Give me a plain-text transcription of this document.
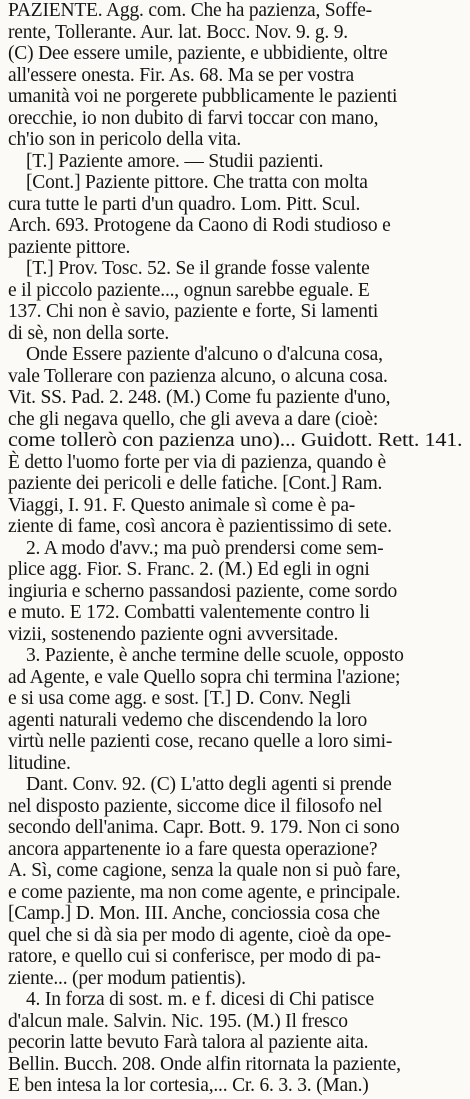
PAZIENTE. Agg. com. Che ha pazienza, Soffe-
rente, Tollerante. Aur. lat. Bocc. Nov. 9. g. 9.
(C) Dee essere umile, paziente, e ubbidiente, oltre
all'essere onesta. Fir. As. 68. Ma se per vostra
umanità voi ne porgerete pubblicamente le pazienti
orecchie, io non dubito di farvi toccar con mano,
ch'io son in pericolo della vita.
[T.] Paziente amore. — Studii pazienti.
[Cont.] Paziente pittore. Che tratta con molta
cura tutte le parti d'un quadro. Lom. Pitt. Scul.
Arch. 693. Protogene da Caono di Rodi studioso e
paziente pittore.
[T.] Prov. Tosc. 52. Se il grande fosse valente
e il piccolo paziente..., ognun sarebbe eguale. E
137. Chi non è savio, paziente e forte, Si lamenti
di sè, non della sorte.
Onde Essere paziente d'alcuno o d'alcuna cosa,
vale Tollerare con pazienza alcuno, o alcuna cosa.
Vit. SS. Pad. 2. 248. (M.) Come fu paziente d'uno,
che gli negava quello, che gli aveva a dare (cioè:
come tollerò con pazienza uno)... Guidott. Rett. 141.
È detto l'uomo forte per via di pazienza, quando è
paziente dei pericoli e delle fatiche. [Cont.] Ram.
Viaggi, I. 91. F. Questo animale sì come è pa-
ziente di fame, così ancora è pazientissimo di sete.
2. A modo d'avv.; ma può prendersi come sem-
plice agg. Fior. S. Franc. 2. (M.) Ed egli in ogni
ingiuria e scherno passandosi paziente, come sordo
e muto. E 172. Combatti valentemente contro li
vizii, sostenendo paziente ogni avversitade.
3. Paziente, è anche termine delle scuole, opposto
ad Agente, e vale Quello sopra chi termina l'azione;
e si usa come agg. e sost. [T.] D. Conv. Negli
agenti naturali vedemo che discendendo la loro
virtù nelle pazienti cose, recano quelle a loro simi-
litudine.
Dant. Conv. 92. (C) L'atto degli agenti si prende
nel disposto paziente, siccome dice il filosofo nel
secondo dell'anima. Capr. Bott. 9. 179. Non ci sono
ancora appartenente io a fare questa operazione?
A. Sì, come cagione, senza la quale non si può fare,
e come paziente, ma non come agente, e principale.
[Camp.] D. Mon. III. Anche, conciossia cosa che
quel che si dà sia per modo di agente, cioè da ope-
ratore, e quello cui si conferisce, per modo di pa-
ziente... (per modum patientis).
4. In forza di sost. m. e f. dicesi di Chi patisce
d'alcun male. Salvin. Nic. 195. (M.) Il fresco
pecorin latte bevuto Farà talora al paziente aita.
Bellin. Bucch. 208. Onde alfin ritornata la paziente,
E ben intesa la lor cortesia,... Cr. 6. 3. 3. (Man.)
